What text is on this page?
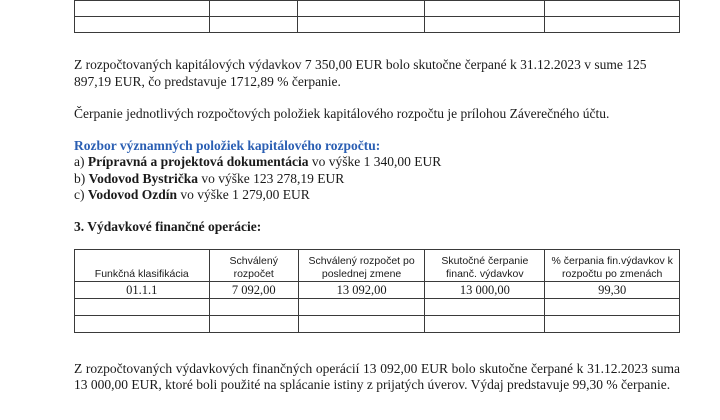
Z rozpočtovaných kapitálových výdavkov 7 350,00 EUR bolo skutočne čerpané k 31.12.2023 v sume 125 897,19 EUR, čo predstavuje 1712,89 % čerpanie.

Čerpanie jednotlivých rozpočtových položiek kapitálového rozpočtu je prílohou Záverečného účtu.

Rozbor významných položiek kapitálového rozpočtu:

a) Prípravná a projektová dokumentácia vo výške 1 340,00 EUR
b) Vodovod Bystrička vo výške 123 278,19 EUR
c) Vodovod Ozdín vo výške 1 279,00 EUR

3. Výdavkové finančné operácie:

Funkčná klasifikácia	Schválený rozpočet	Schválený rozpočet po poslednej zmene	Skutočné čerpanie finanč. výdavkov	% čerpania fin.výdavkov k rozpočtu po zmenách
01.1.1	7 092,00	13 092,00	13 000,00	99,30

Z rozpočtovaných výdavkových finančných operácií 13 092,00 EUR bolo skutočne čerpané k 31.12.2023 suma 13 000,00 EUR, ktoré boli použité na splácanie istiny z prijatých úverov. Výdaj predstavuje 99,30 % čerpanie.
